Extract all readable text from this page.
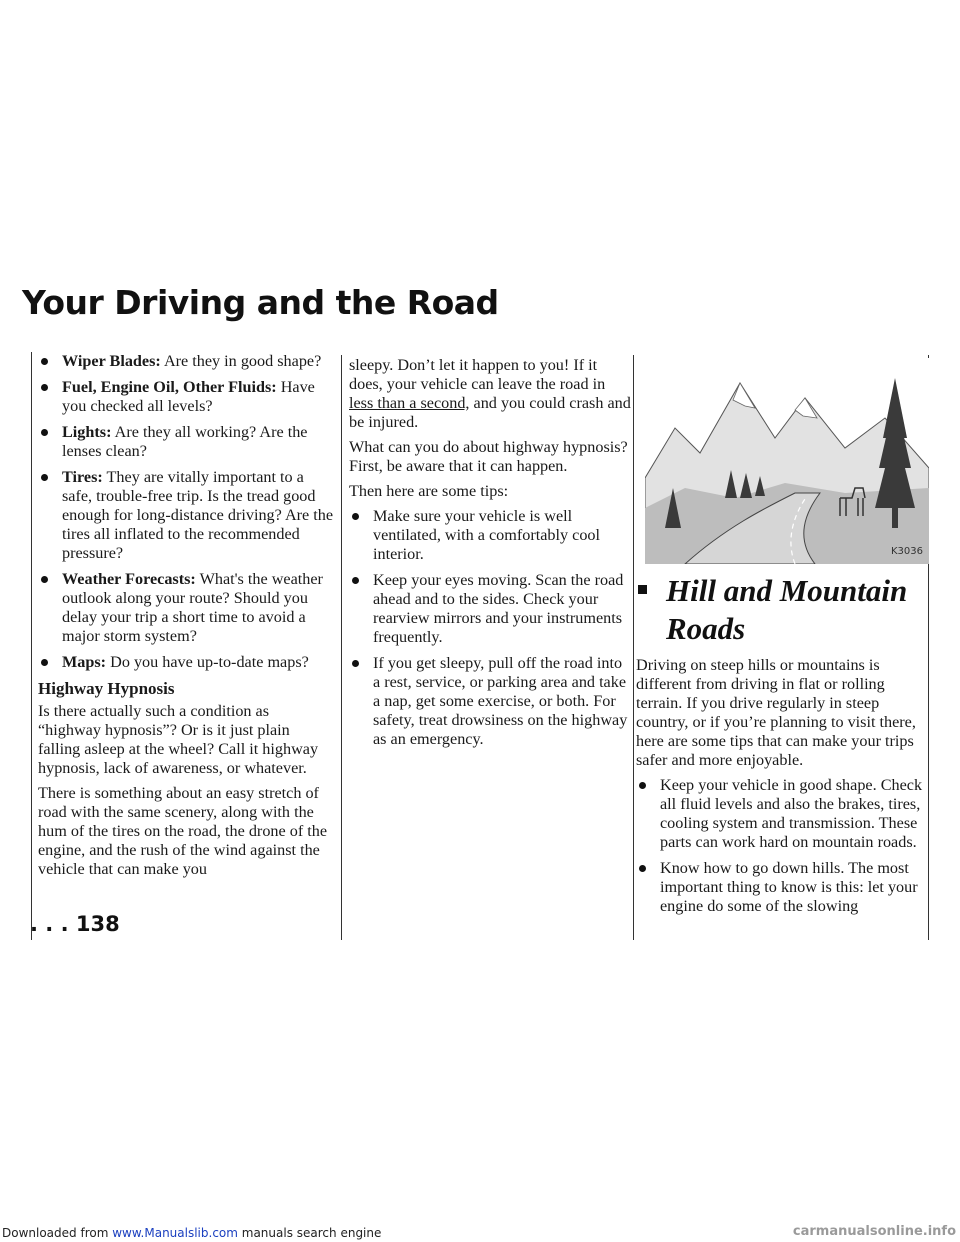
Your Driving and the Road
Wiper Blades: Are they in good shape?
Fuel, Engine Oil, Other Fluids: Have you checked all levels?
Lights: Are they all working? Are the lenses clean?
Tires: They are vitally important to a safe, trouble-free trip. Is the tread good enough for long-distance driving? Are the tires all inflated to the recommended pressure?
Weather Forecasts: What's the weather outlook along your route? Should you delay your trip a short time to avoid a major storm system?
Maps: Do you have up-to-date maps?
Highway Hypnosis

Is there actually such a condition as “highway hypnosis”? Or is it just plain falling asleep at the wheel? Call it highway hypnosis, lack of awareness, or whatever.

There is something about an easy stretch of road with the same scenery, along with the hum of the tires on the road, the drone of the engine, and the rush of the wind against the vehicle that can make you

sleepy. Don’t let it happen to you! If it does, your vehicle can leave the road in less than a second, and you could crash and be injured.

What can you do about highway hypnosis? First, be aware that it can happen.

Then here are some tips:

Make sure your vehicle is well ventilated, with a comfortably cool interior.
Keep your eyes moving. Scan the road ahead and to the sides. Check your rearview mirrors and your instruments frequently.
If you get sleepy, pull off the road into a rest, service, or parking area and take a nap, get some exercise, or both. For safety, treat drowsiness on the highway as an emergency.
K3036
Hill and Mountain Roads

Driving on steep hills or mountains is different from driving in flat or rolling terrain. If you drive regularly in steep country, or if you’re planning to visit there, here are some tips that can make your trips safer and more enjoyable.

Keep your vehicle in good shape. Check all fluid levels and also the brakes, tires, cooling system and transmission. These parts can work hard on mountain roads.
Know how to go down hills. The most important thing to know is this: let your engine do some of the slowing
. . . 138
Downloaded from www.Manualslib.com manuals search engine	carmanualsonline.info
